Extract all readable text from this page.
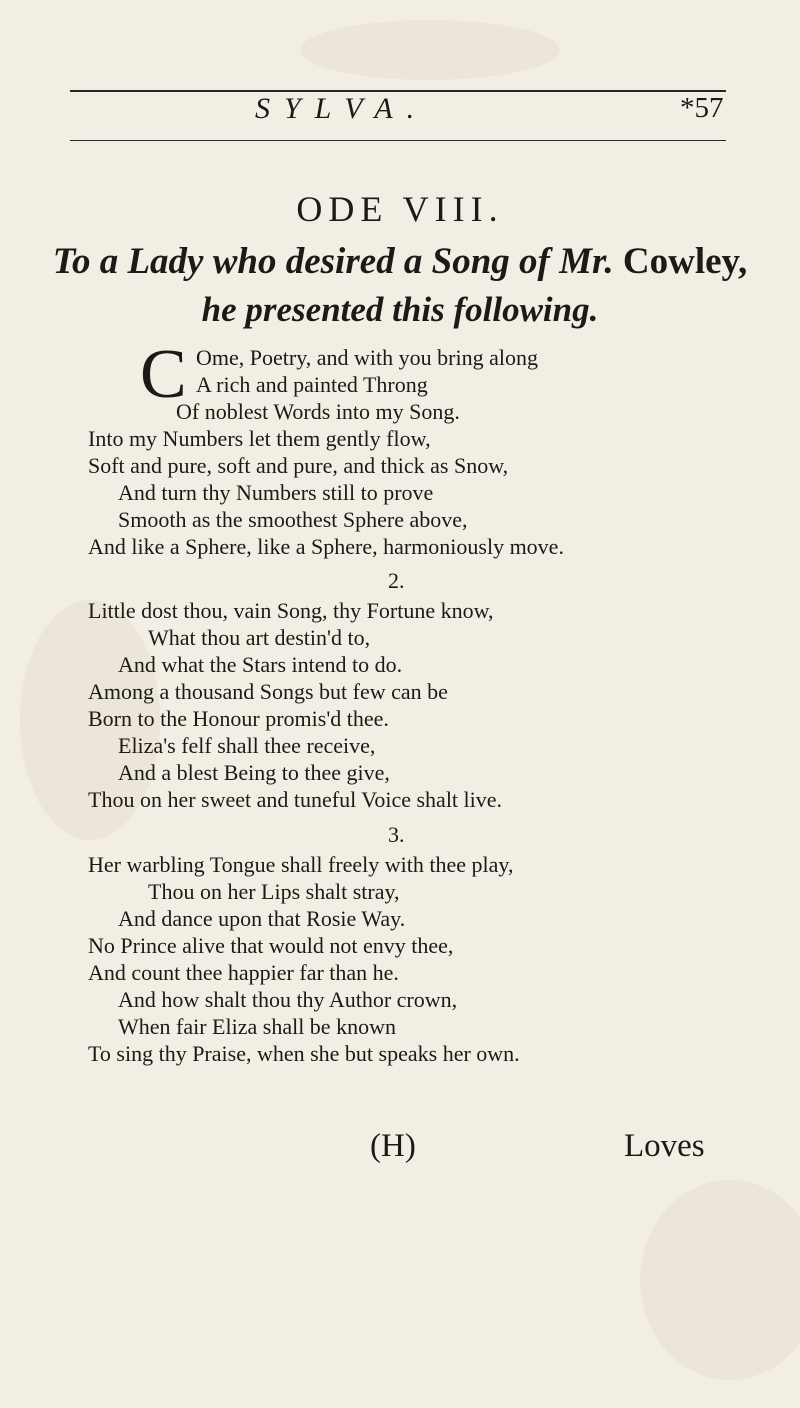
SYLVA.	*57
ODE VIII.
To a Lady who desired a Song of Mr. Cowley,
he presented this following.
C Ome, Poetry, and with you bring along
A rich and painted Throng
Of noblest Words into my Song.
Into my Numbers let them gently flow,
Soft and pure, soft and pure, and thick as Snow,
And turn thy Numbers still to prove
Smooth as the smoothest Sphere above,
And like a Sphere, like a Sphere, harmoniously move.
2.
Little dost thou, vain Song, thy Fortune know,
What thou art destin'd to,
And what the Stars intend to do.
Among a thousand Songs but few can be
Born to the Honour promis'd thee.
Eliza's felf shall thee receive,
And a blest Being to thee give,
Thou on her sweet and tuneful Voice shalt live.
3.
Her warbling Tongue shall freely with thee play,
Thou on her Lips shalt stray,
And dance upon that Rosie Way.
No Prince alive that would not envy thee,
And count thee happier far than he.
And how shalt thou thy Author crown,
When fair Eliza shall be known
To sing thy Praise, when she but speaks her own.
(H)	Loves
